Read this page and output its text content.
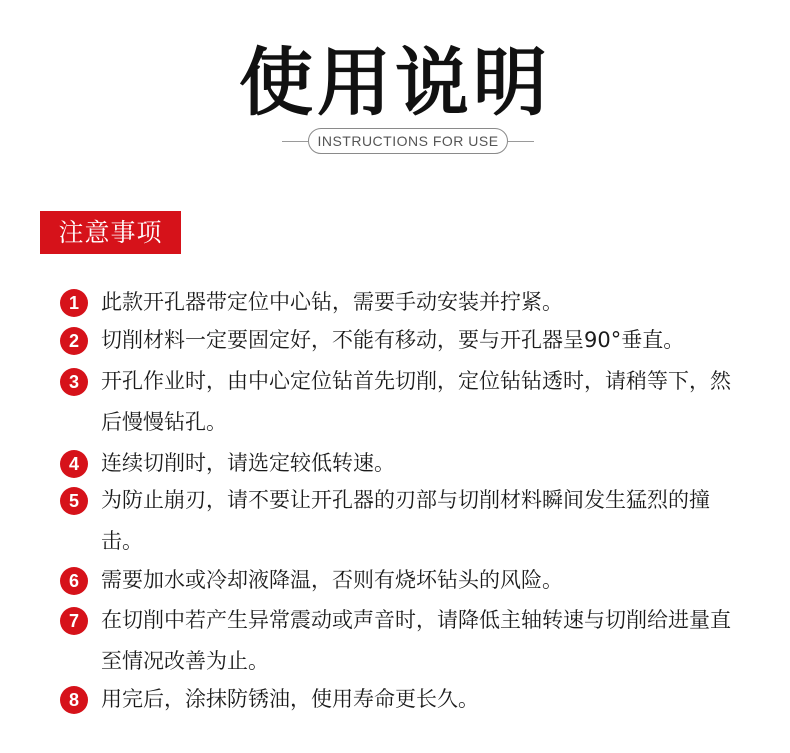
使用说明
INSTRUCTIONS FOR USE
注意事项
1	此款开孔器带定位中心钻，需要手动安装并拧紧。
2	切削材料一定要固定好，不能有移动，要与开孔器呈90°垂直。
3	开孔作业时，由中心定位钻首先切削，定位钻钻透时，请稍等下，然后慢慢钻孔。
4	连续切削时，请选定较低转速。
5	为防止崩刃，请不要让开孔器的刃部与切削材料瞬间发生猛烈的撞击。
6	需要加水或冷却液降温，否则有烧坏钻头的风险。
7	在切削中若产生异常震动或声音时，请降低主轴转速与切削给进量直至情况改善为止。
8	用完后，涂抹防锈油，使用寿命更长久。
